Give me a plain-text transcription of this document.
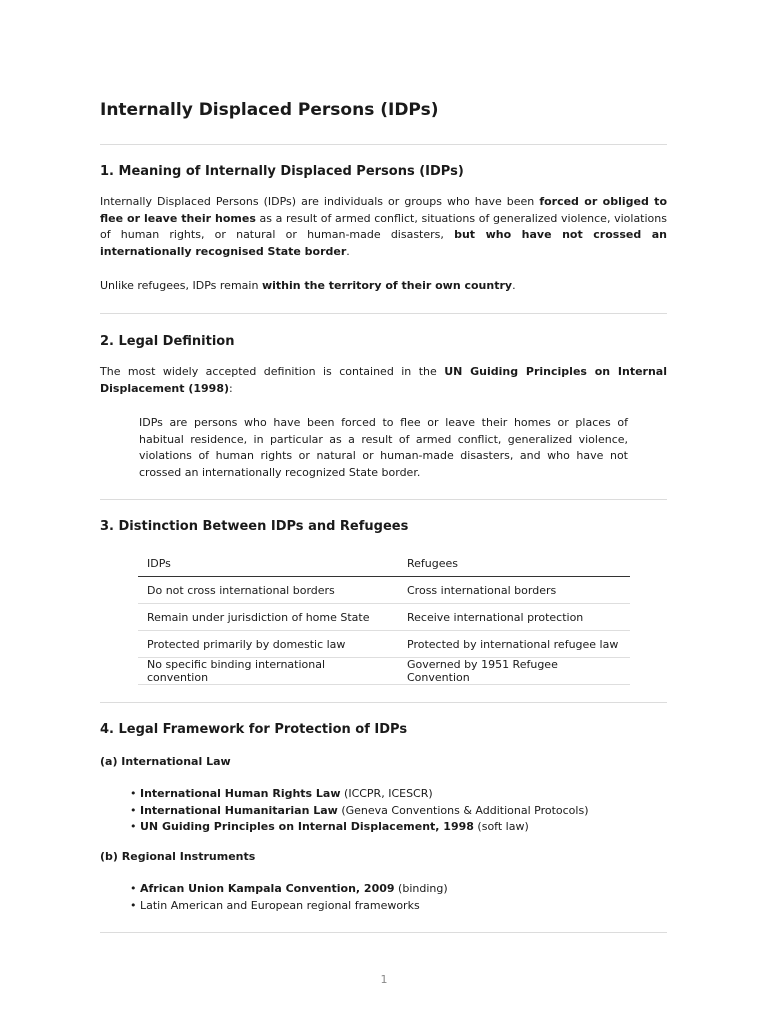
Internally Displaced Persons (IDPs)
1. Meaning of Internally Displaced Persons (IDPs)

Internally Displaced Persons (IDPs) are individuals or groups who have been forced or obliged to flee or leave their homes as a result of armed conflict, situations of generalized violence, violations of human rights, or natural or human-made disasters, but who have not crossed an internationally recognised State border.

Unlike refugees, IDPs remain within the territory of their own country.

2. Legal Definition

The most widely accepted definition is contained in the UN Guiding Principles on Internal Displacement (1998):

IDPs are persons who have been forced to flee or leave their homes or places of habitual residence, in particular as a result of armed conflict, generalized violence, violations of human rights or natural or human-made disasters, and who have not crossed an internationally recognized State border.

3. Distinction Between IDPs and Refugees
IDPs	Refugees
Do not cross international borders	Cross international borders
Remain under jurisdiction of home State	Receive international protection
Protected primarily by domestic law	Protected by international refugee law
No specific binding international convention	Governed by 1951 Refugee Convention
4. Legal Framework for Protection of IDPs
(a) International Law
• International Human Rights Law (ICCPR, ICESCR)
• International Humanitarian Law (Geneva Conventions & Additional Protocols)
• UN Guiding Principles on Internal Displacement, 1998 (soft law)
(b) Regional Instruments
• African Union Kampala Convention, 2009 (binding)
• Latin American and European regional frameworks
1
